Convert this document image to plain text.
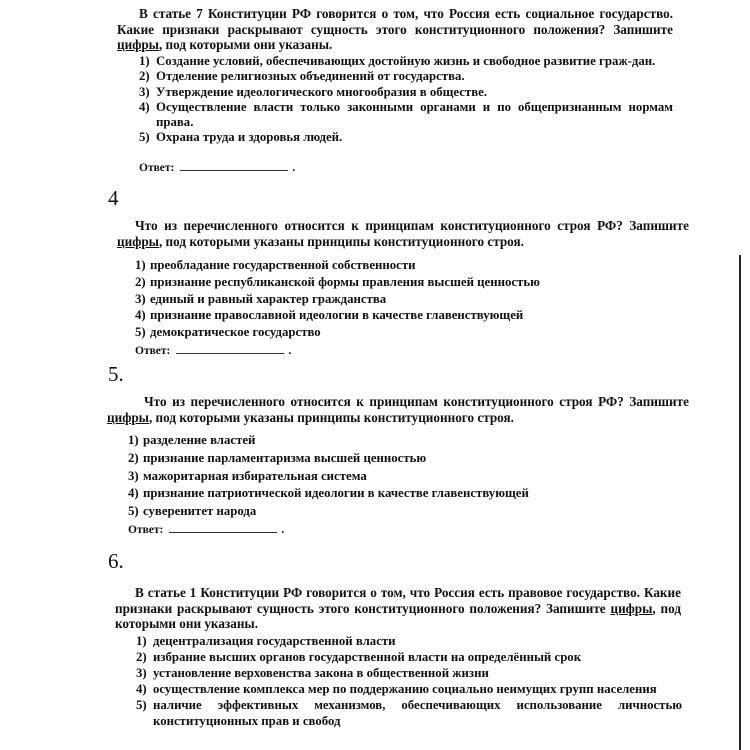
В статье 7 Конституции РФ говорится о том, что Россия есть социальное государство. Какие признаки раскрывают сущность этого конституционного положения? Запишите цифры, под которыми они указаны.
1) Создание условий, обеспечивающих достойную жизнь и свободное развитие граж-дан.
2) Отделение религиозных объединений от государства.
3) Утверждение идеологического многообразия в обществе.
4) Осуществление власти только законными органами и по общепризнанным нормам права.
5) Охрана труда и здоровья людей.
Ответ:	.
4
Что из перечисленного относится к принципам конституционного строя РФ? Запишите цифры, под которыми указаны принципы конституционного строя.
1) преобладание государственной собственности
2) признание республиканской формы правления высшей ценностью
3) единый и равный характер гражданства
4) признание православной идеологии в качестве главенствующей
5) демократическое государство
Ответ:	.
5.
Что из перечисленного относится к принципам конституционного строя РФ? Запишите цифры, под которыми указаны принципы конституционного строя.
1) разделение властей
2) признание парламентаризма высшей ценностью
3) мажоритарная избирательная система
4) признание патриотической идеологии в качестве главенствующей
5) суверенитет народа
Ответ:	.
6.
В статье 1 Конституции РФ говорится о том, что Россия есть правовое государство. Какие признаки раскрывают сущность этого конституционного положения? Запишите цифры, под которыми они указаны.
1) децентрализация государственной власти
2) избрание высших органов государственной власти на определённый срок
3) установление верховенства закона в общественной жизни
4) осуществление комплекса мер по поддержанию социально неимущих групп населения
5) наличие эффективных механизмов, обеспечивающих использование личностью конституционных прав и свобод
